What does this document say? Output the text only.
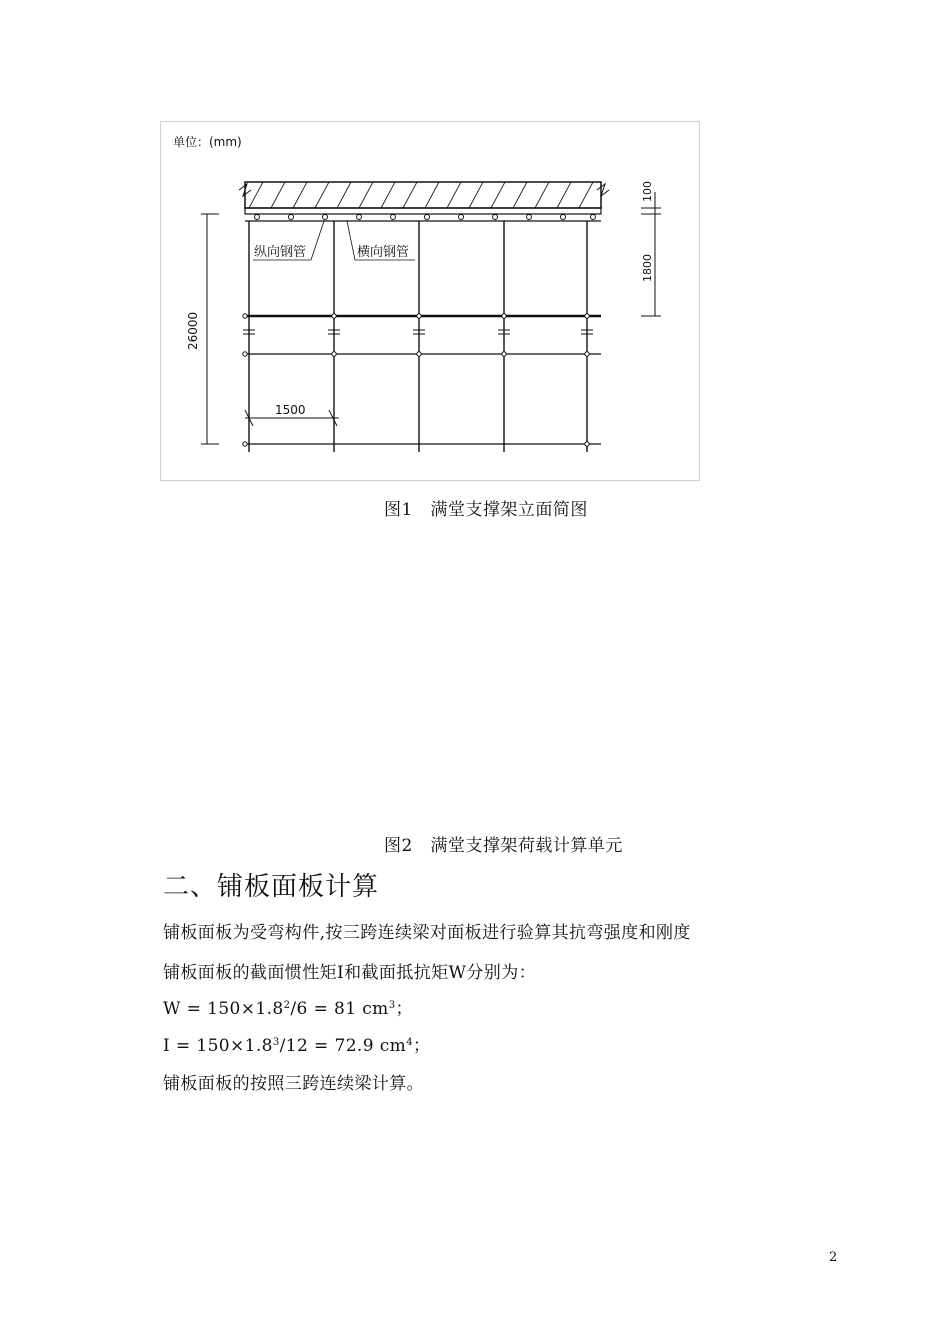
单位：(mm)
纵向钢管	横向钢管
26000
100
1800
1500
图1　满堂支撑架立面简图
图2　满堂支撑架荷载计算单元
二、铺板面板计算
铺板面板为受弯构件,按三跨连续梁对面板进行验算其抗弯强度和刚度
铺板面板的截面惯性矩I和截面抵抗矩W分别为：
$W = 150\times 1.8^2/6 = 81$ $cm^3$；
$I = 150\times 1.8^3/12 = 72.9$ $cm^4$；
铺板面板的按照三跨连续梁计算。
2
